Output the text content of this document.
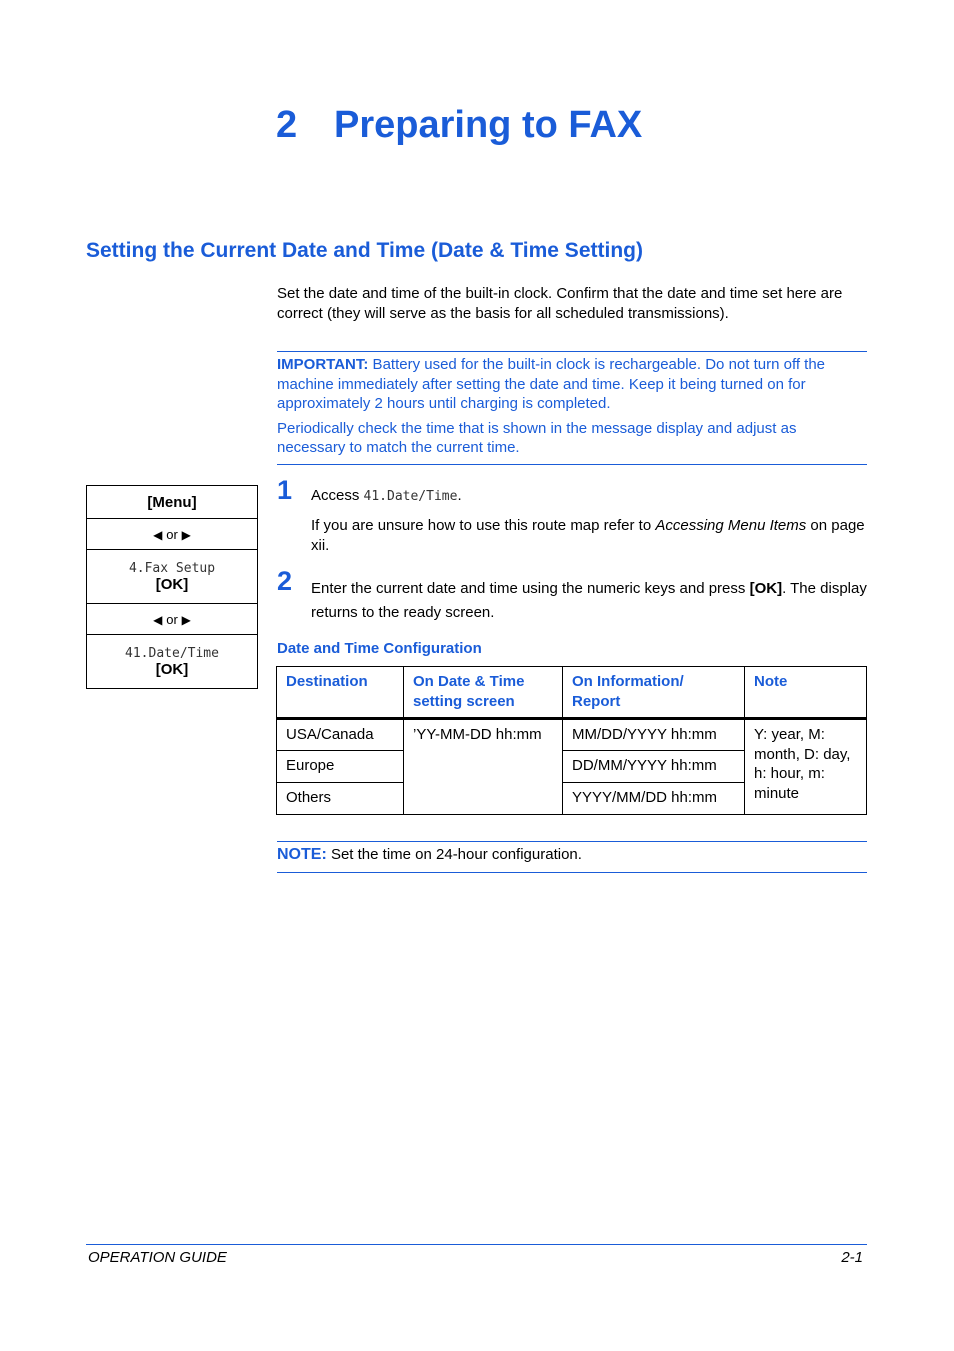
2 Preparing to FAX
Setting the Current Date and Time (Date & Time Setting)
Set the date and time of the built-in clock. Confirm that the date and time set here are correct (they will serve as the basis for all scheduled transmissions).

IMPORTANT: Battery used for the built-in clock is rechargeable. Do not turn off the machine immediately after setting the date and time. Keep it being turned on for approximately 2 hours until charging is completed.

Periodically check the time that is shown in the message display and adjust as necessary to match the current time.

[Menu]
◀ or ▶
4.Fax Setup
[OK]
◀ or ▶
41.Date/Time
[OK]
1 Access 41.Date/Time.
If you are unsure how to use this route map refer to Accessing Menu Items on page xii.
2 Enter the current date and time using the numeric keys and press [OK]. The display returns to the ready screen.
Date and Time Configuration
Destination	On Date & Time setting screen	On Information/ Report	Note
USA/Canada	’YY-MM-DD hh:mm	MM/DD/YYYY hh:mm	Y: year, M: month, D: day, h: hour, m: minute
Europe		DD/MM/YYYY hh:mm	
Others		YYYY/MM/DD hh:mm	
NOTE: Set the time on 24-hour configuration.
OPERATION GUIDE	2-1
